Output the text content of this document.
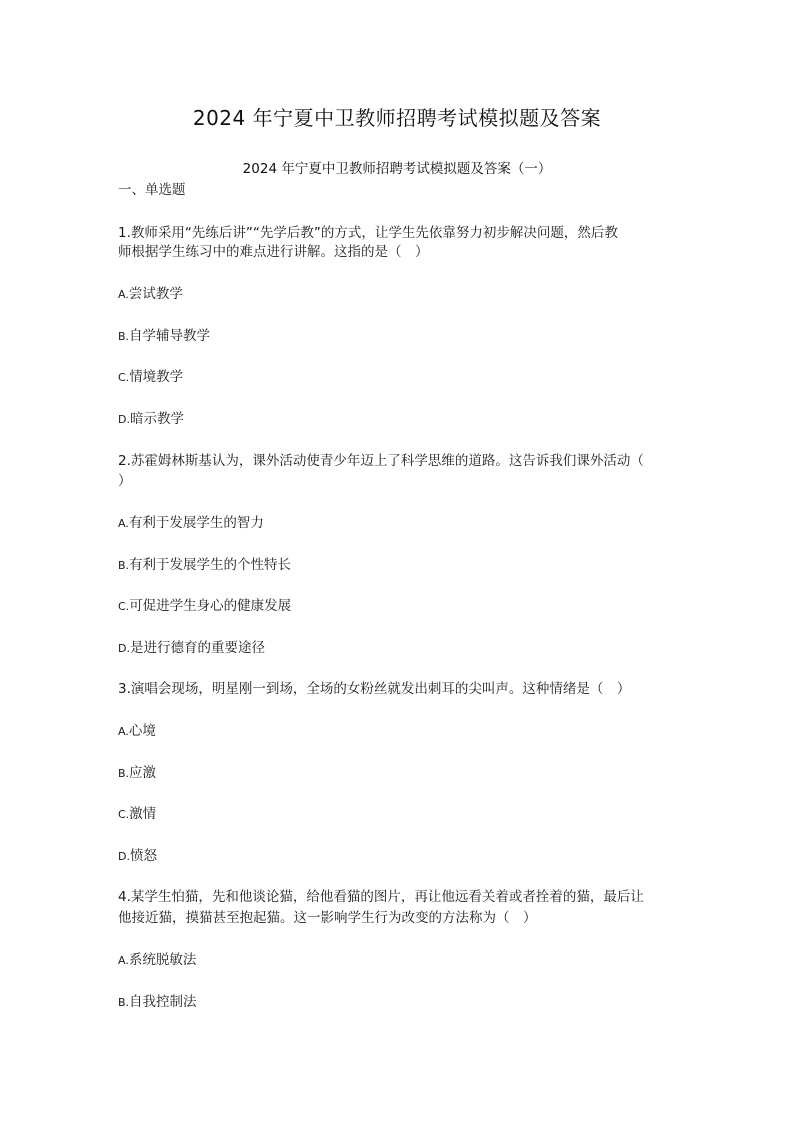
2024 年宁夏中卫教师招聘考试模拟题及答案
2024 年宁夏中卫教师招聘考试模拟题及答案（一）
一、单选题
1.教师采用“先练后讲”“先学后教”的方式，让学生先依靠努力初步解决问题，然后教
师根据学生练习中的难点进行讲解。这指的是（　）
A.尝试教学
B.自学辅导教学
C.情境教学
D.暗示教学
2.苏霍姆林斯基认为，课外活动使青少年迈上了科学思维的道路。这告诉我们课外活动（
）
A.有利于发展学生的智力
B.有利于发展学生的个性特长
C.可促进学生身心的健康发展
D.是进行德育的重要途径
3.演唱会现场，明星刚一到场，全场的女粉丝就发出刺耳的尖叫声。这种情绪是（　）
A.心境
B.应激
C.激情
D.愤怒
4.某学生怕猫，先和他谈论猫，给他看猫的图片，再让他远看关着或者拴着的猫，最后让
他接近猫，摸猫甚至抱起猫。这一影响学生行为改变的方法称为（　）
A.系统脱敏法
B.自我控制法
